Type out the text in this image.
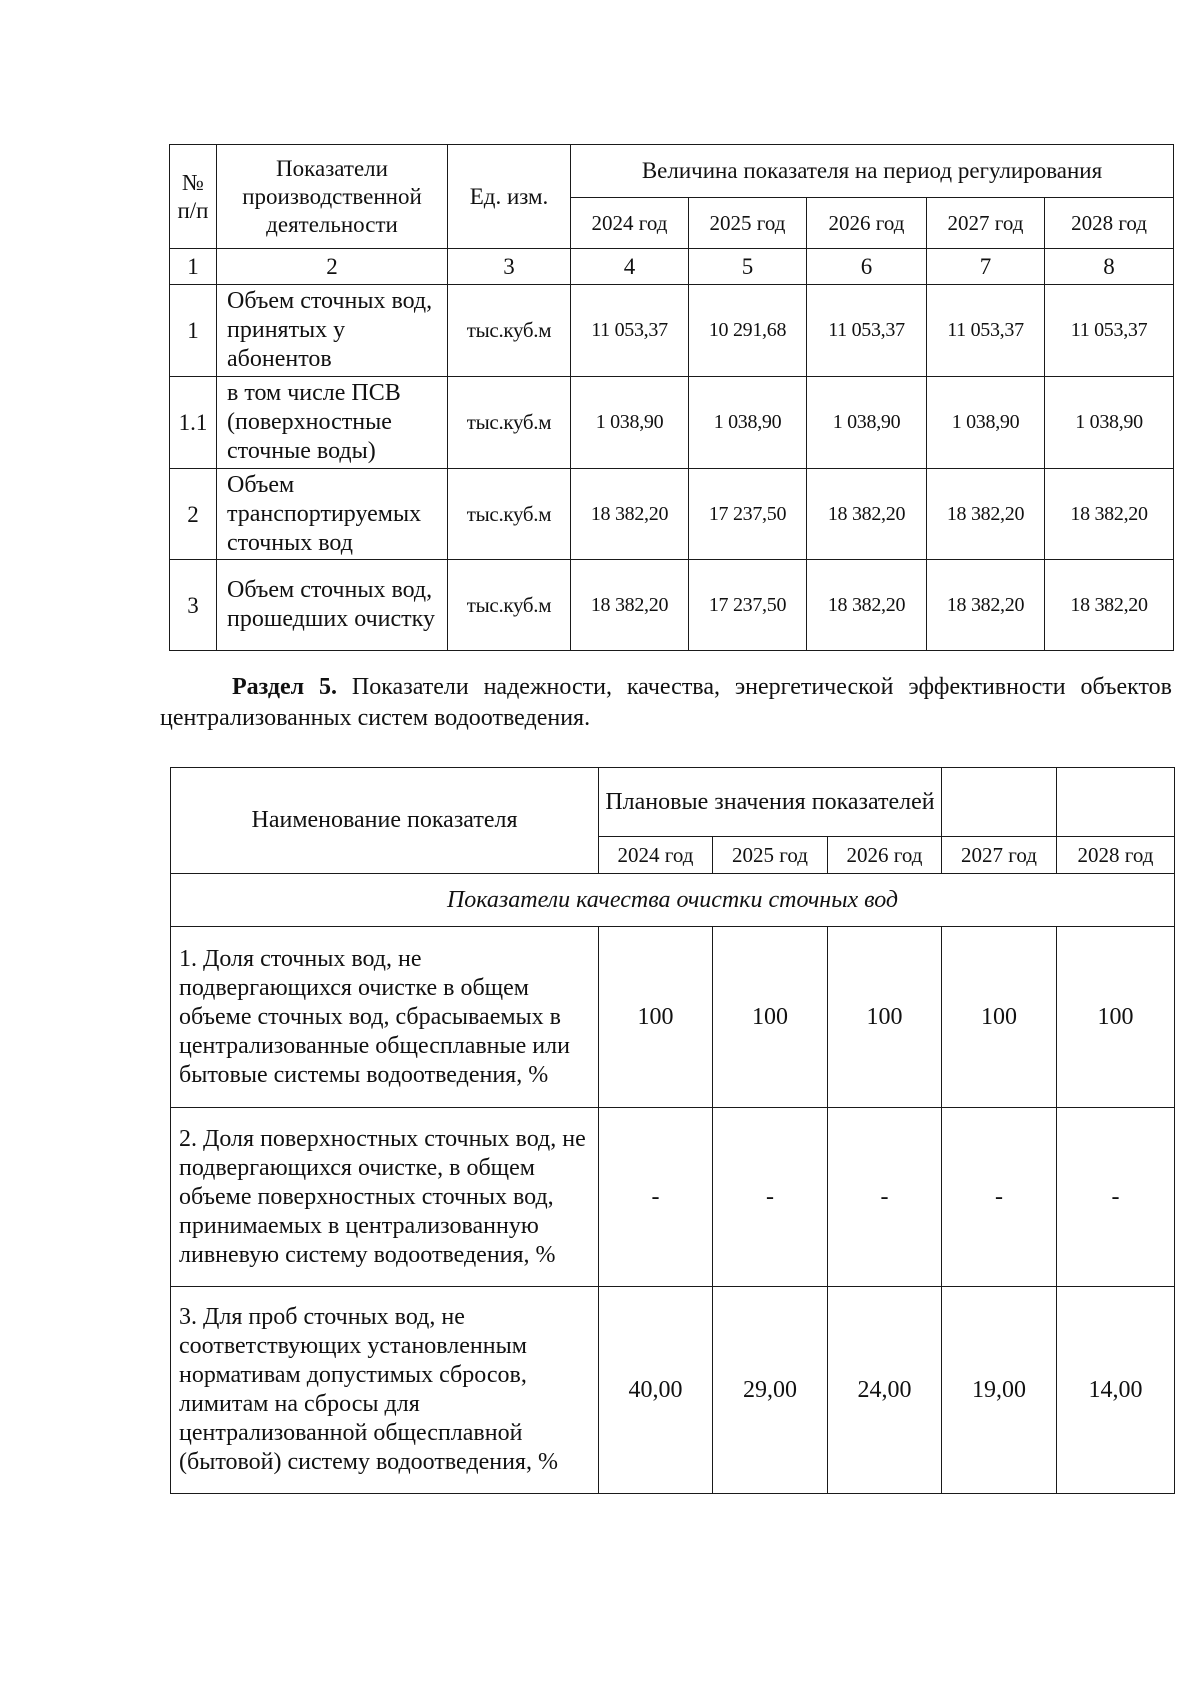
№ п/п	Показатели производственной деятельности	Ед. изм.	Величина показателя на период регулирования				
			2024 год	2025 год	2026 год	2027 год	2028 год
1	2	3	4	5	6	7	8
1	Объем сточных вод, принятых у абонентов	тыс.куб.м	11 053,37	10 291,68	11 053,37	11 053,37	11 053,37
1.1	в том числе ПСВ (поверхностные сточные воды)	тыс.куб.м	1 038,90	1 038,90	1 038,90	1 038,90	1 038,90
2	Объем транспортируемых сточных вод	тыс.куб.м	18 382,20	17 237,50	18 382,20	18 382,20	18 382,20
3	Объем сточных вод, прошедших очистку	тыс.куб.м	18 382,20	17 237,50	18 382,20	18 382,20	18 382,20
Раздел 5. Показатели надежности, качества, энергетической эффективности объектов централизованных систем водоотведения.
Наименование показателя	Плановые значения показателей				
	2024 год	2025 год	2026 год	2027 год	2028 год
Показатели качества очистки сточных вод					
1. Доля сточных вод, не подвергающихся очистке в общем объеме сточных вод, сбрасываемых в централизованные общесплавные или бытовые системы водоотведения, %	100	100	100	100	100
2. Доля поверхностных сточных вод, не подвергающихся очистке, в общем объеме поверхностных сточных вод, принимаемых в централизованную ливневую систему водоотведения, %	-	-	-	-	-
3. Для проб сточных вод, не соответствующих установленным нормативам допустимых сбросов, лимитам на сбросы для централизованной общесплавной (бытовой) систему водоотведения, %	40,00	29,00	24,00	19,00	14,00
